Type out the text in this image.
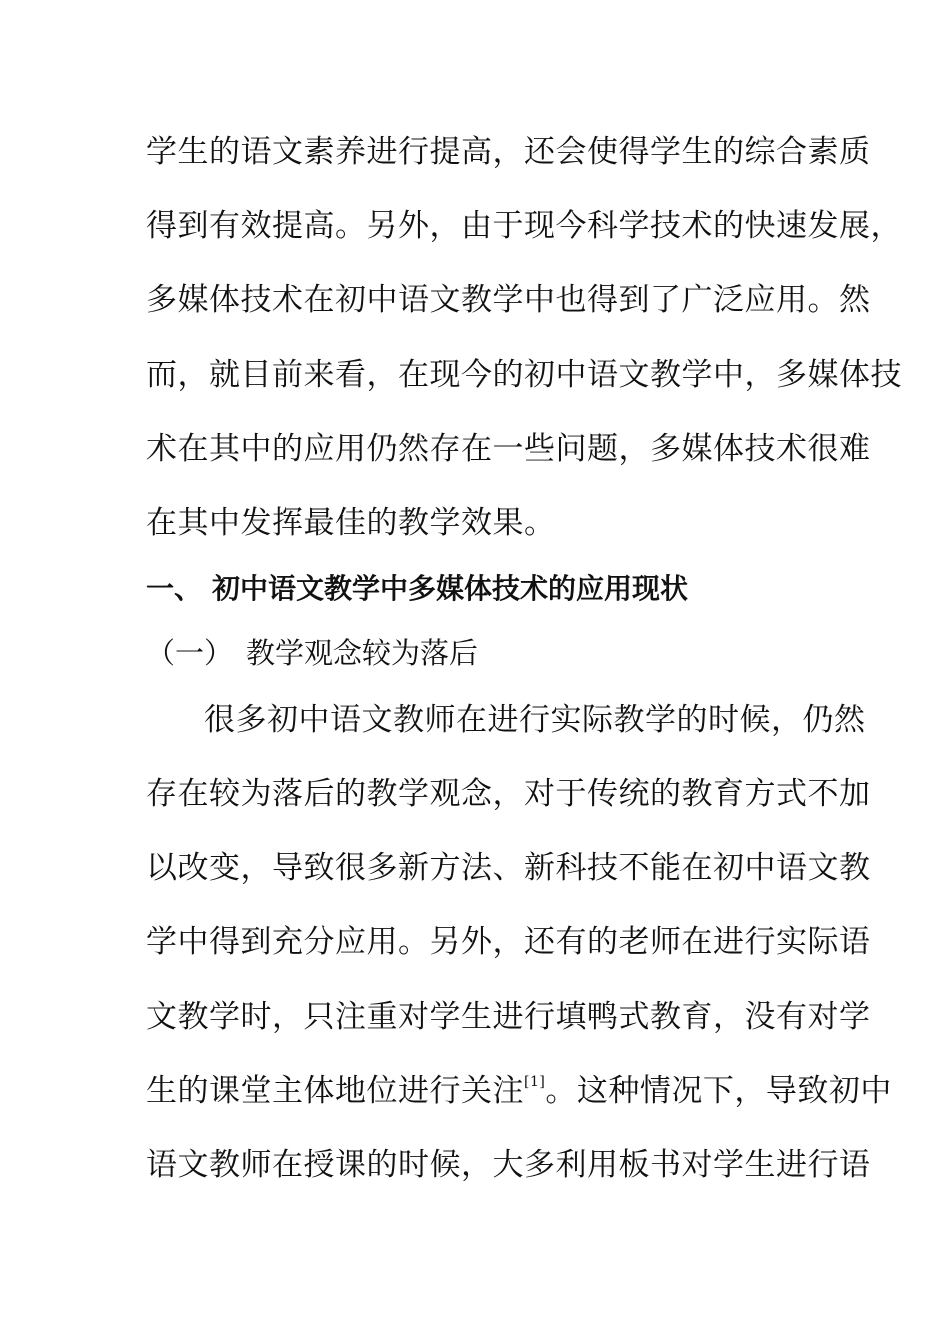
学生的语文素养进行提高，还会使得学生的综合素质
得到有效提高。另外，由于现今科学技术的快速发展，
多媒体技术在初中语文教学中也得到了广泛应用。然
而，就目前来看，在现今的初中语文教学中，多媒体技
术在其中的应用仍然存在一些问题，多媒体技术很难
在其中发挥最佳的教学效果。
一、 初中语文教学中多媒体技术的应用现状
（一） 教学观念较为落后
很多初中语文教师在进行实际教学的时候，仍然
存在较为落后的教学观念，对于传统的教育方式不加
以改变，导致很多新方法、新科技不能在初中语文教
学中得到充分应用。另外，还有的老师在进行实际语
文教学时，只注重对学生进行填鸭式教育，没有对学
生的课堂主体地位进行关注[1]。这种情况下，导致初中
语文教师在授课的时候，大多利用板书对学生进行语
